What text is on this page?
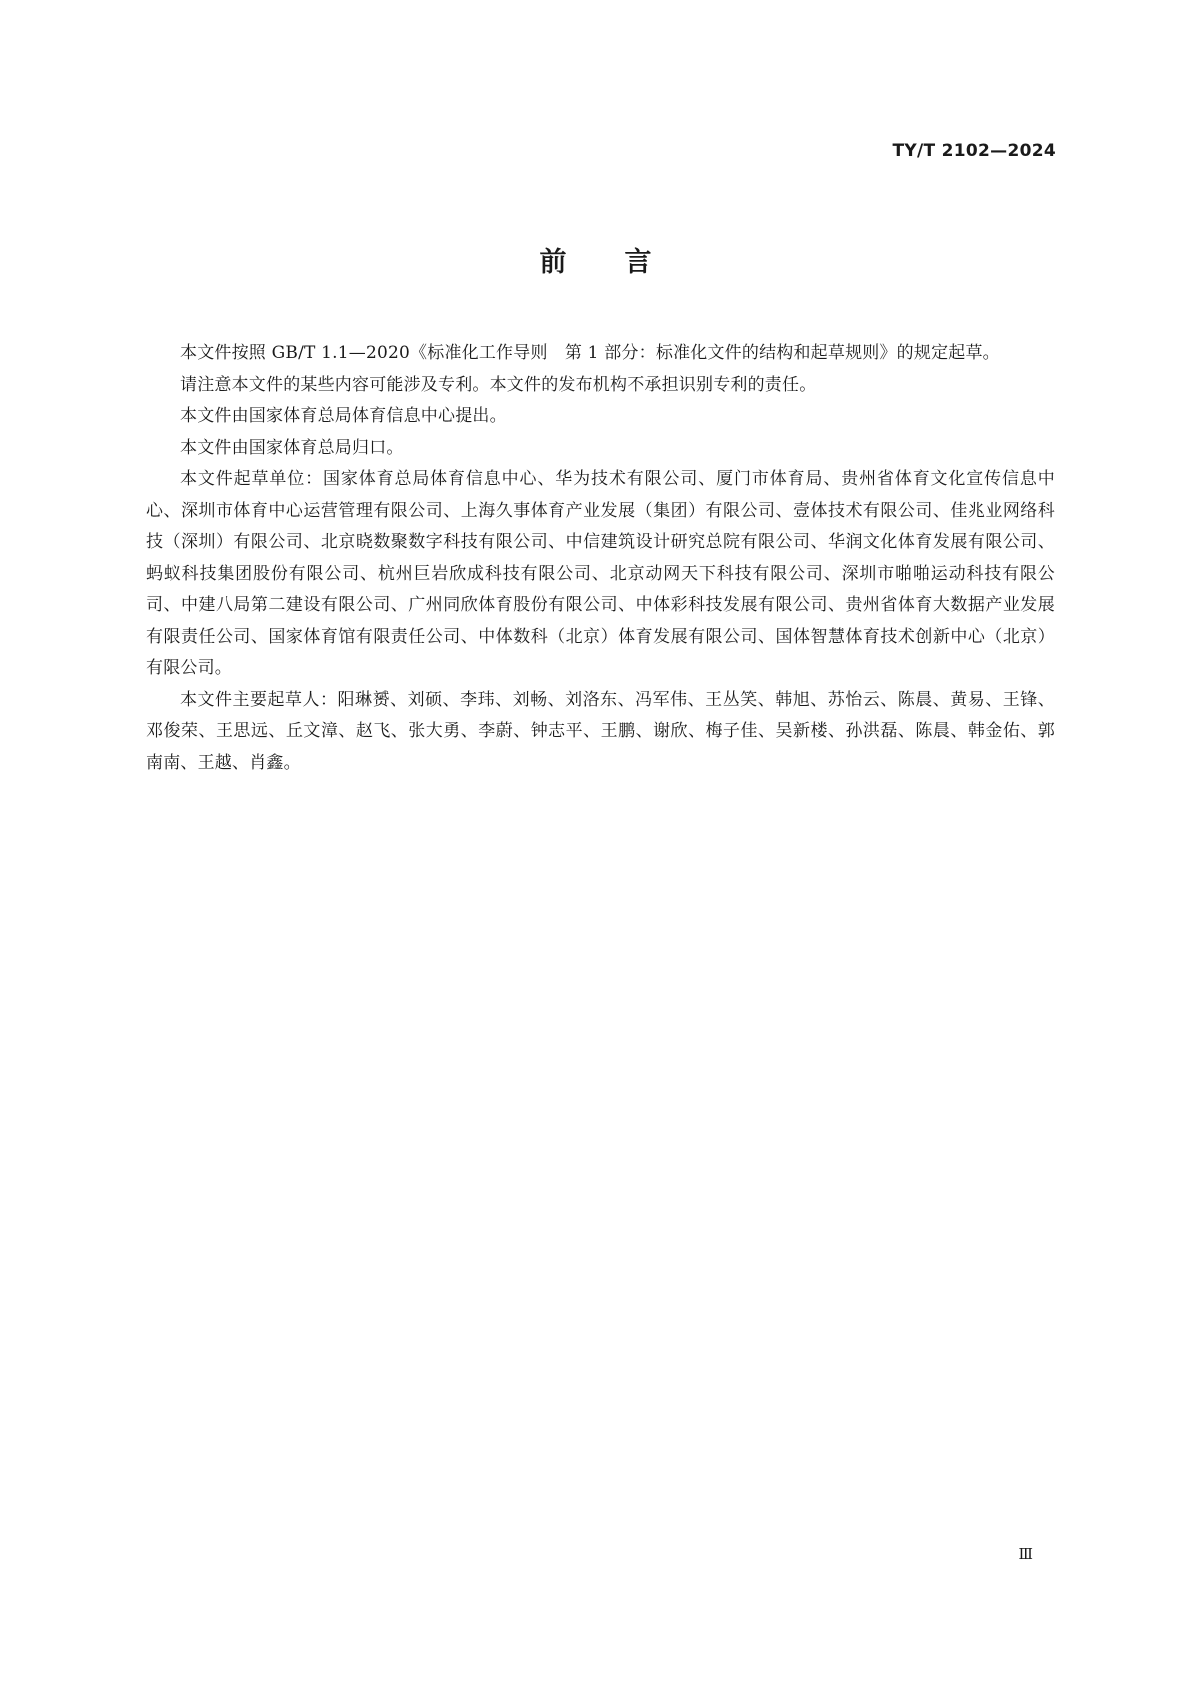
TY/T 2102—2024
前言

本文件按照 GB/T 1.1—2020《标准化工作导则　第 1 部分：标准化文件的结构和起草规则》的规定起草。

请注意本文件的某些内容可能涉及专利。本文件的发布机构不承担识别专利的责任。

本文件由国家体育总局体育信息中心提出。

本文件由国家体育总局归口。

本文件起草单位：国家体育总局体育信息中心、华为技术有限公司、厦门市体育局、贵州省体育文化宣传信息中心、深圳市体育中心运营管理有限公司、上海久事体育产业发展（集团）有限公司、壹体技术有限公司、佳兆业网络科技（深圳）有限公司、北京晓数聚数字科技有限公司、中信建筑设计研究总院有限公司、华润文化体育发展有限公司、蚂蚁科技集团股份有限公司、杭州巨岩欣成科技有限公司、北京动网天下科技有限公司、深圳市啪啪运动科技有限公司、中建八局第二建设有限公司、广州同欣体育股份有限公司、中体彩科技发展有限公司、贵州省体育大数据产业发展有限责任公司、国家体育馆有限责任公司、中体数科（北京）体育发展有限公司、国体智慧体育技术创新中心（北京）有限公司。

本文件主要起草人：阳琳赟、刘硕、李玮、刘畅、刘洛东、冯军伟、王丛笑、韩旭、苏怡云、陈晨、黄易、王锋、邓俊荣、王思远、丘文漳、赵飞、张大勇、李蔚、钟志平、王鹏、谢欣、梅子佳、吴新楼、孙洪磊、陈晨、韩金佑、郭南南、王越、肖鑫。

Ⅲ
